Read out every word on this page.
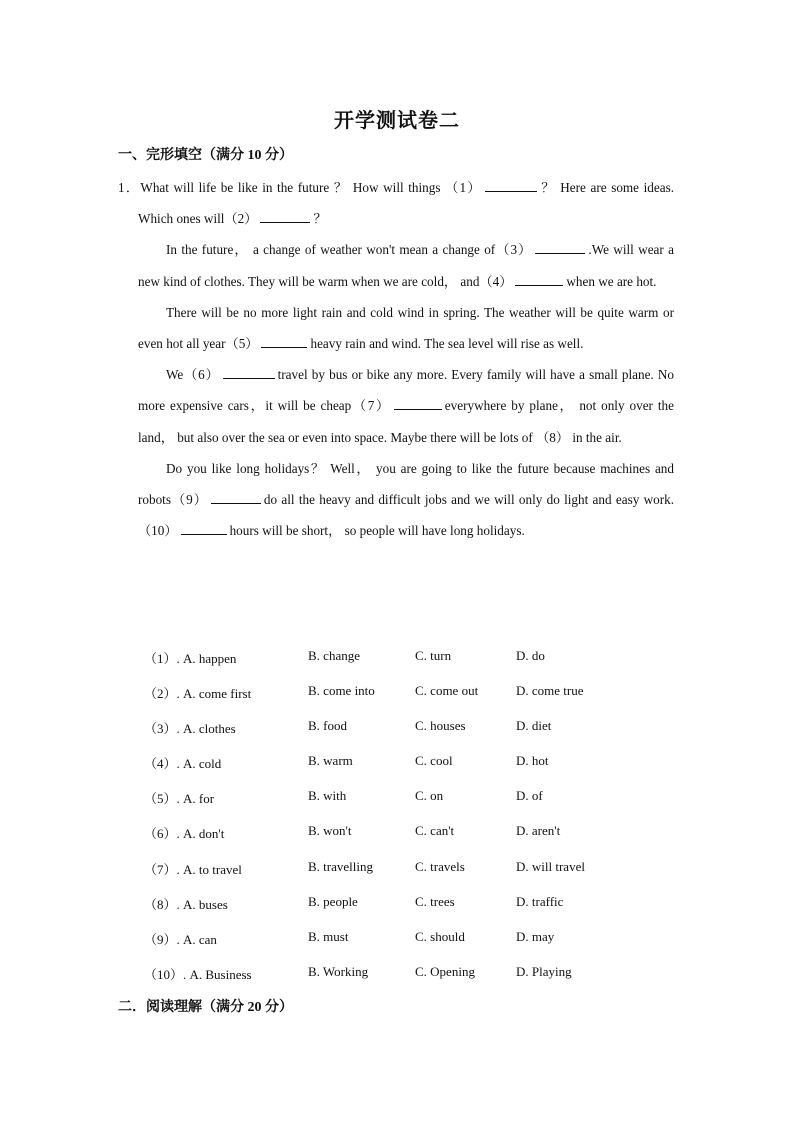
开学测试卷二
一、完形填空（满分 10 分）

1．What will life be like in the future ？ How will things （1）	？ Here are some ideas. Which ones will（2）	？

In the future， a change of weather won't mean a change of（3）	.We will wear a new kind of clothes. They will be warm when we are cold， and（4）	when we are hot.

There will be no more light rain and cold wind in spring. The weather will be quite warm or even hot all year（5）	heavy rain and wind. The sea level will rise as well.

We（6）	travel by bus or bike any more. Every family will have a small plane. No more expensive cars，it will be cheap（7）	everywhere by plane， not only over the land， but also over the sea or even into space. Maybe there will be lots of （8） in the air.

Do you like long holidays？ Well， you are going to like the future because machines and robots（9）	do all the heavy and difficult jobs and we will only do light and easy work.（10）	hours will be short， so people will have long holidays.

（1）. A. happen	B. change	C. turn	D. do
（2）. A. come first	B. come into	C. come out	D. come true
（3）. A. clothes	B. food	C. houses	D. diet
（4）. A. cold	B. warm	C. cool	D. hot
（5）. A. for	B. with	C. on	D. of
（6）. A. don't	B. won't	C. can't	D. aren't
（7）. A. to travel	B. travelling	C. travels	D. will travel
（8）. A. buses	B. people	C. trees	D. traffic
（9）. A. can	B. must	C. should	D. may
（10）. A. Business	B. Working	C. Opening	D. Playing
二．阅读理解（满分 20 分）
